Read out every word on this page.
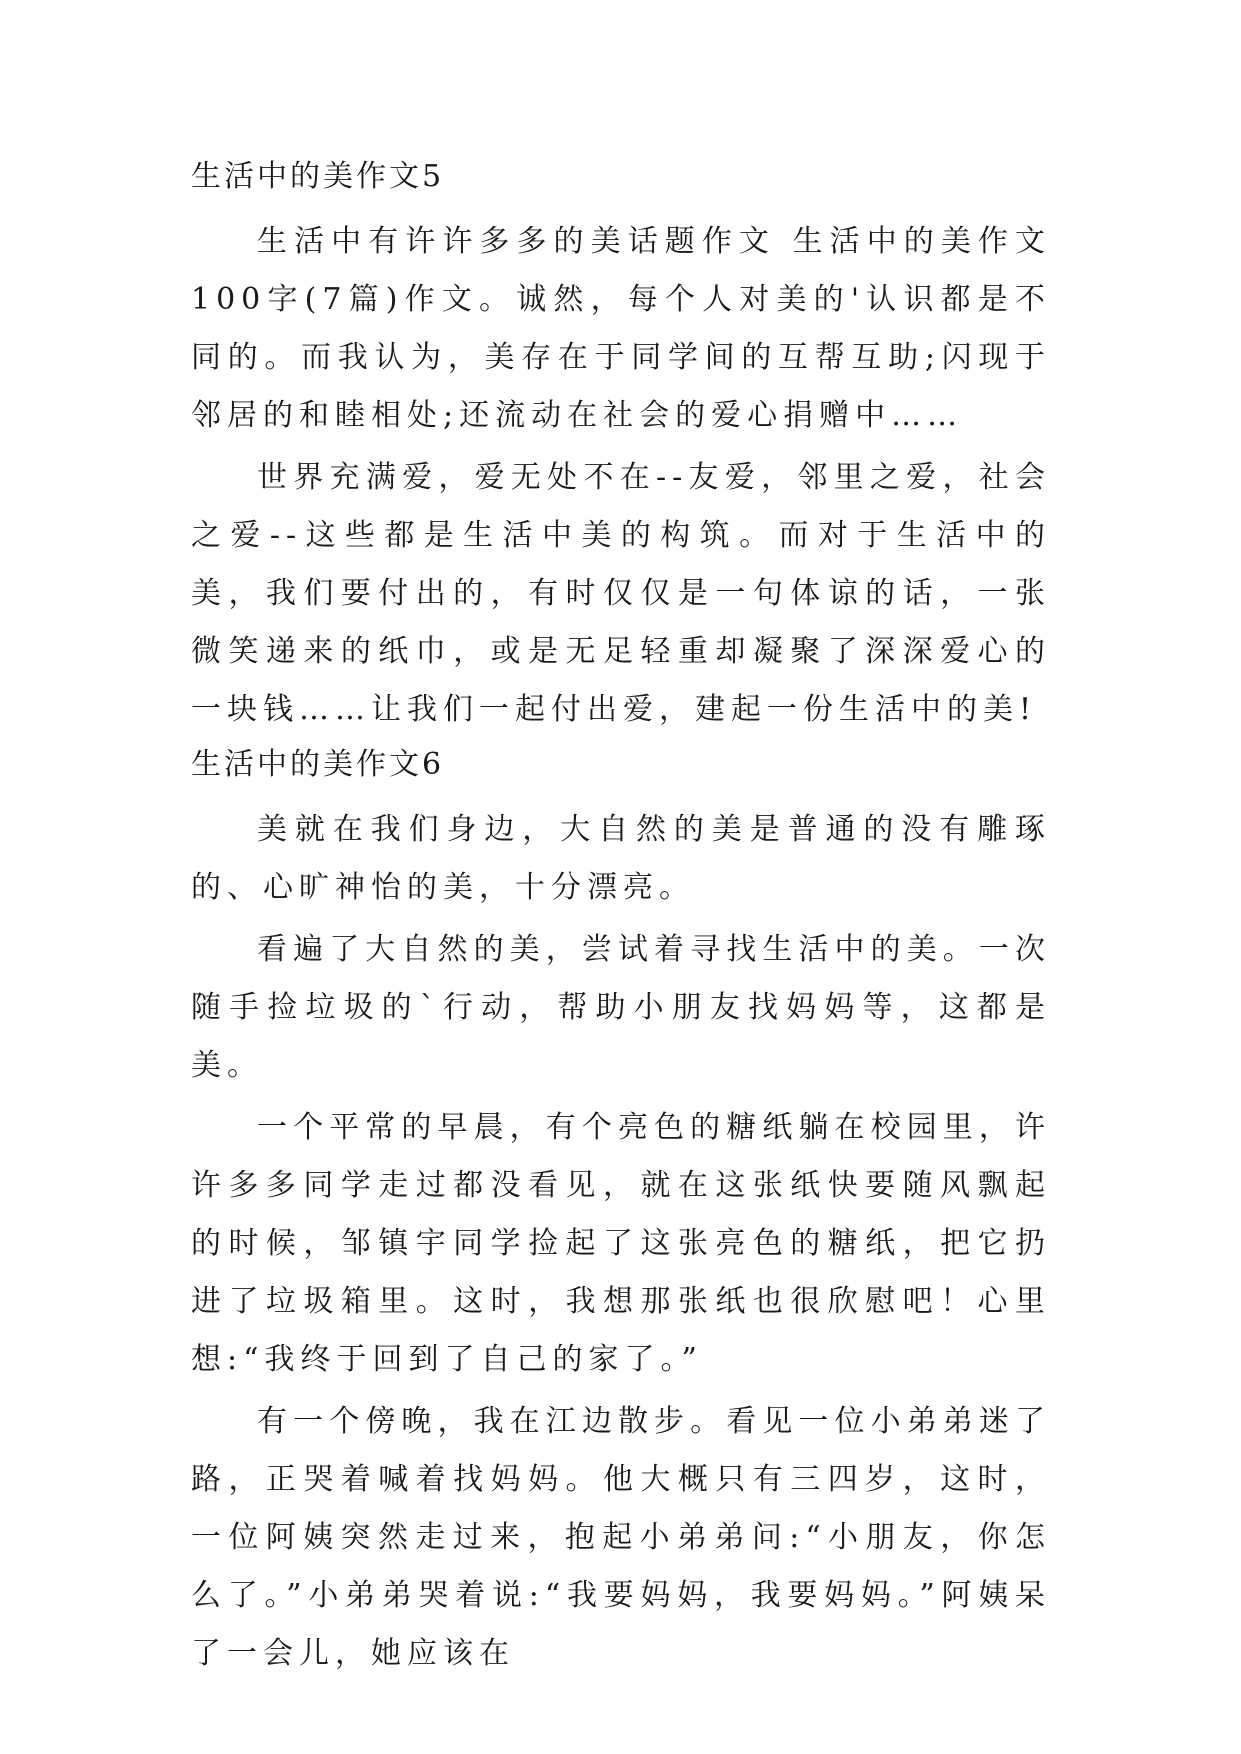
生活中的美作文5

生活中有许许多多的美话题作文 生活中的美作文100字(7篇)作文。诚然，每个人对美的'认识都是不同的。而我认为，美存在于同学间的互帮互助;闪现于邻居的和睦相处;还流动在社会的爱心捐赠中……

世界充满爱，爱无处不在--友爱，邻里之爱，社会之爱--这些都是生活中美的构筑。而对于生活中的美，我们要付出的，有时仅仅是一句体谅的话，一张微笑递来的纸巾，或是无足轻重却凝聚了深深爱心的一块钱……让我们一起付出爱，建起一份生活中的美!

生活中的美作文6

美就在我们身边，大自然的美是普通的没有雕琢的、心旷神怡的美，十分漂亮。

看遍了大自然的美，尝试着寻找生活中的美。一次随手捡垃圾的`行动，帮助小朋友找妈妈等，这都是美。

一个平常的早晨，有个亮色的糖纸躺在校园里，许许多多同学走过都没看见，就在这张纸快要随风飘起的时候，邹镇宇同学捡起了这张亮色的糖纸，把它扔进了垃圾箱里。这时，我想那张纸也很欣慰吧！心里想:“我终于回到了自己的家了。”

有一个傍晚，我在江边散步。看见一位小弟弟迷了路，正哭着喊着找妈妈。他大概只有三四岁，这时，一位阿姨突然走过来，抱起小弟弟问:“小朋友，你怎么了。”小弟弟哭着说:“我要妈妈，我要妈妈。”阿姨呆了一会儿，她应该在
